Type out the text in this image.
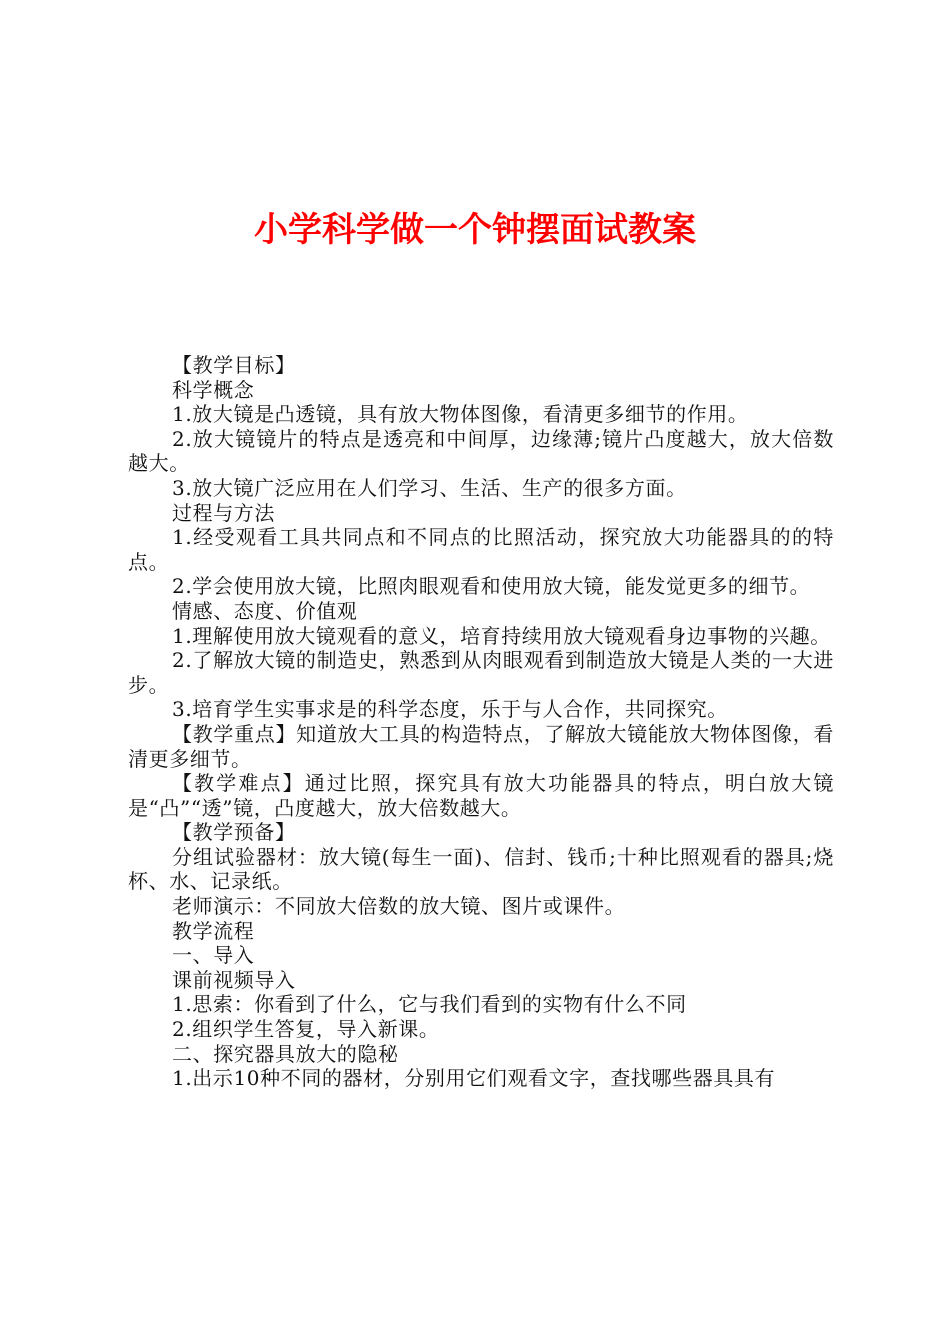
小学科学做一个钟摆面试教案

【教学目标】

科学概念

1.放大镜是凸透镜，具有放大物体图像，看清更多细节的作用。

2.放大镜镜片的特点是透亮和中间厚，边缘薄;镜片凸度越大，放大倍数越大。

3.放大镜广泛应用在人们学习、生活、生产的很多方面。

过程与方法

1.经受观看工具共同点和不同点的比照活动，探究放大功能器具的的特点。

2.学会使用放大镜，比照肉眼观看和使用放大镜，能发觉更多的细节。

情感、态度、价值观

1.理解使用放大镜观看的意义，培育持续用放大镜观看身边事物的兴趣。

2.了解放大镜的制造史，熟悉到从肉眼观看到制造放大镜是人类的一大进步。

3.培育学生实事求是的科学态度，乐于与人合作，共同探究。

【教学重点】知道放大工具的构造特点，了解放大镜能放大物体图像，看清更多细节。

【教学难点】通过比照，探究具有放大功能器具的特点，明白放大镜是“凸”“透”镜，凸度越大，放大倍数越大。

【教学预备】

分组试验器材：放大镜(每生一面)、信封、钱币;十种比照观看的器具;烧杯、水、记录纸。

老师演示：不同放大倍数的放大镜、图片或课件。

教学流程

一、导入

课前视频导入

1.思索：你看到了什么，它与我们看到的实物有什么不同

2.组织学生答复，导入新课。

二、探究器具放大的隐秘

1.出示10种不同的器材，分别用它们观看文字，查找哪些器具具有
